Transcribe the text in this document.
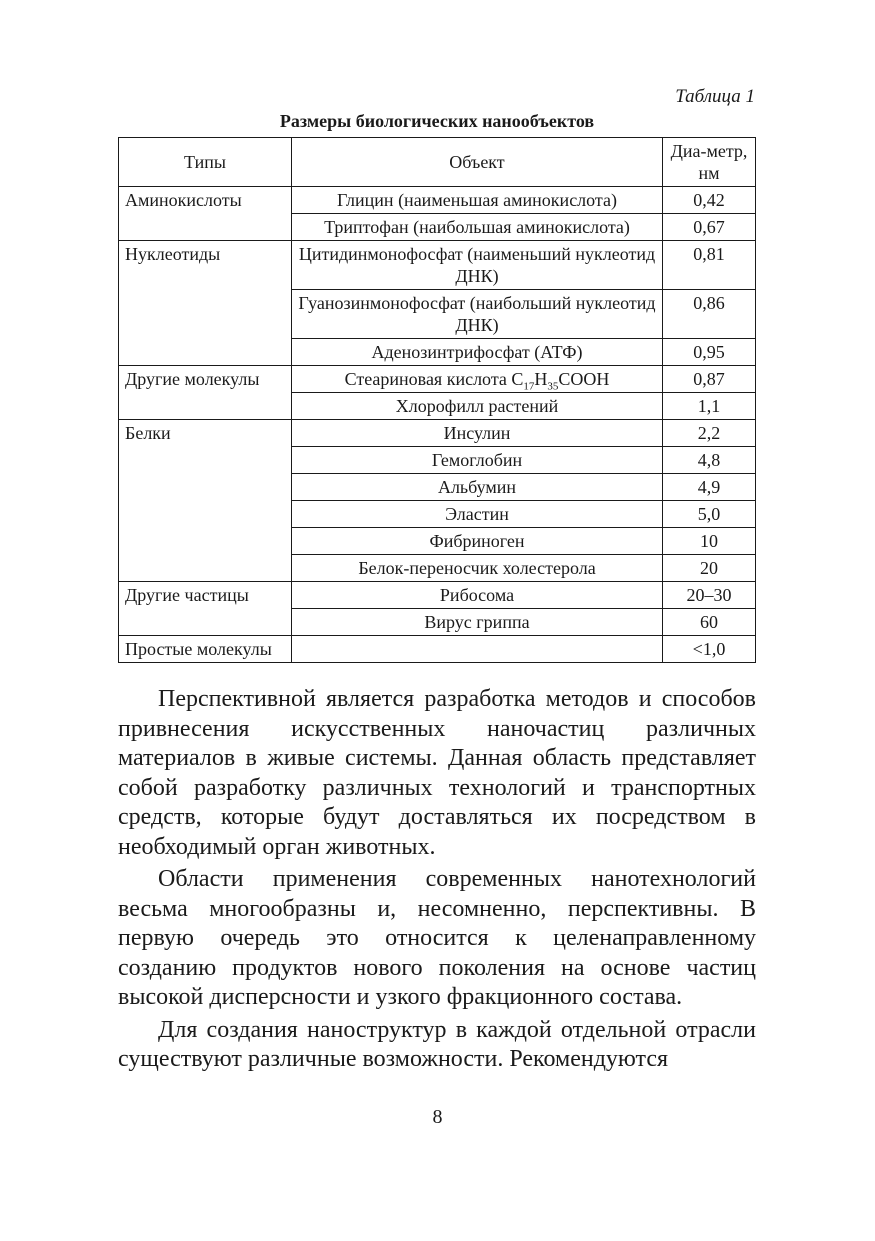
Таблица 1
Размеры биологических нанообъектов
Типы	Объект	Диа-метр, нм
Аминокислоты	Глицин (наименьшая аминокислота)	0,42
	Триптофан (наибольшая аминокислота)	0,67
Нуклеотиды	Цитидинмонофосфат (наименьший нуклеотид ДНК)	0,81
	Гуанозинмонофосфат (наибольший нуклеотид ДНК)	0,86
	Аденозинтрифосфат (АТФ)	0,95
Другие молекулы	Стеариновая кислота $C_{17}H_{35}COOH$	0,87
	Хлорофилл растений	1,1
Белки	Инсулин	2,2
	Гемоглобин	4,8
	Альбумин	4,9
	Эластин	5,0
	Фибриноген	10
	Белок-переносчик холестерола	20
Другие частицы	Рибосома	20–30
	Вирус гриппа	60
Простые молекулы		<1,0

Перспективной является разработка методов и способов привнесения искусственных наночастиц различных материалов в живые системы. Данная область представляет собой разработку различных технологий и транспортных средств, которые будут доставляться их посредством в необходимый орган животных.

Области применения современных нанотехнологий весьма многообразны и, несомненно, перспективны. В первую очередь это относится к целенаправленному созданию продуктов нового поколения на основе частиц высокой дисперсности и узкого фракционного состава.

Для создания наноструктур в каждой отдельной отрасли существуют различные возможности. Рекомендуются

8
